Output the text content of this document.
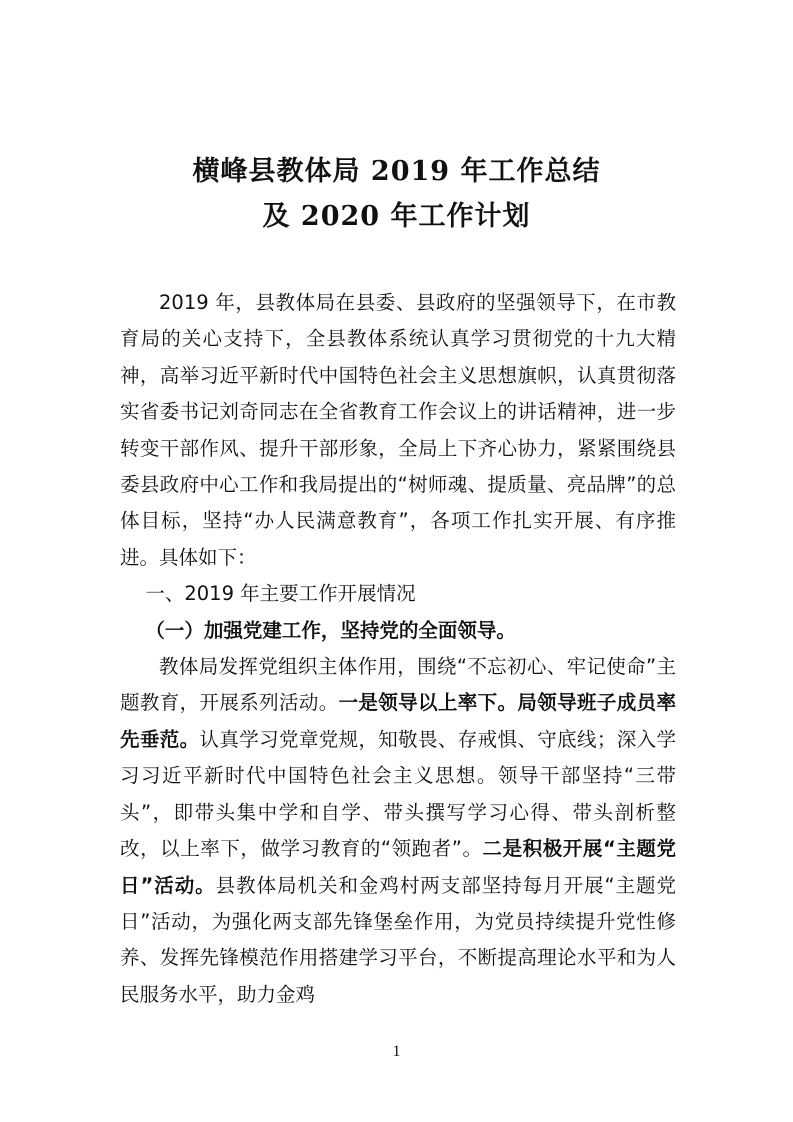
横峰县教体局 2019 年工作总结
及 2020 年工作计划

2019 年，县教体局在县委、县政府的坚强领导下，在市教育局的关心支持下，全县教体系统认真学习贯彻党的十九大精神，高举习近平新时代中国特色社会主义思想旗帜，认真贯彻落实省委书记刘奇同志在全省教育工作会议上的讲话精神，进一步转变干部作风、提升干部形象，全局上下齐心协力，紧紧围绕县委县政府中心工作和我局提出的“树师魂、提质量、亮品牌”的总体目标，坚持“办人民满意教育”，各项工作扎实开展、有序推进。具体如下：

一、2019 年主要工作开展情况

（一）加强党建工作，坚持党的全面领导。

教体局发挥党组织主体作用，围绕“不忘初心、牢记使命”主题教育，开展系列活动。一是领导以上率下。局领导班子成员率先垂范。认真学习党章党规，知敬畏、存戒惧、守底线；深入学习习近平新时代中国特色社会主义思想。领导干部坚持“三带头”，即带头集中学和自学、带头撰写学习心得、带头剖析整改，以上率下，做学习教育的“领跑者”。二是积极开展“主题党日”活动。县教体局机关和金鸡村两支部坚持每月开展“主题党日”活动，为强化两支部先锋堡垒作用，为党员持续提升党性修养、发挥先锋模范作用搭建学习平台，不断提高理论水平和为人民服务水平，助力金鸡

1
